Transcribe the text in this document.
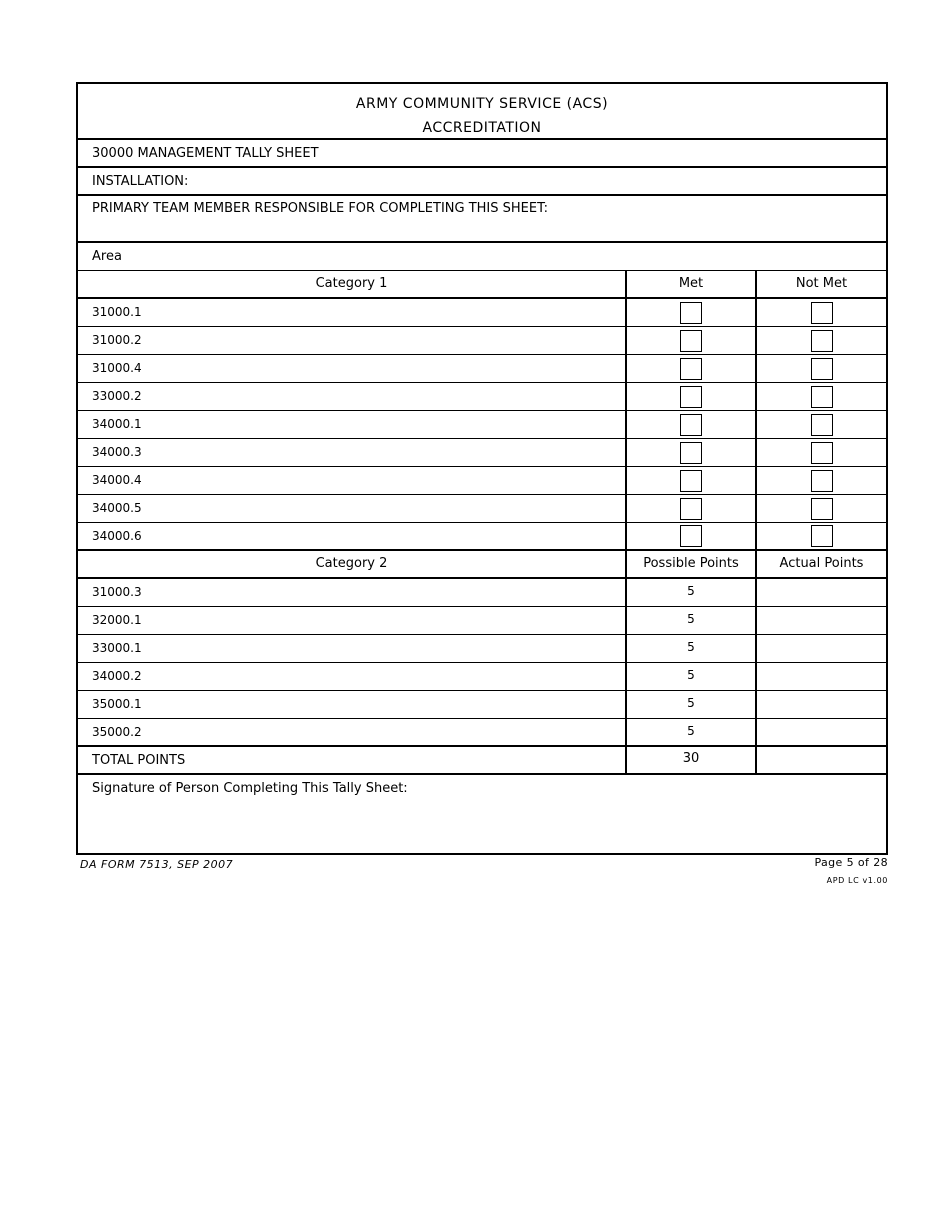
ARMY COMMUNITY SERVICE (ACS)
ACCREDITATION
30000 MANAGEMENT TALLY SHEET
INSTALLATION:
PRIMARY TEAM MEMBER RESPONSIBLE FOR COMPLETING THIS SHEET:
Area
Category 1	Met	Not Met
31000.1
31000.2
31000.4
33000.2
34000.1
34000.3
34000.4
34000.5
34000.6
Category 2	Possible Points	Actual Points
31000.3	5
32000.1	5
33000.1	5
34000.2	5
35000.1	5
35000.2	5
TOTAL POINTS	30
Signature of Person Completing This Tally Sheet:
DA FORM 7513, SEP 2007	Page 5 of 28
APD LC v1.00
